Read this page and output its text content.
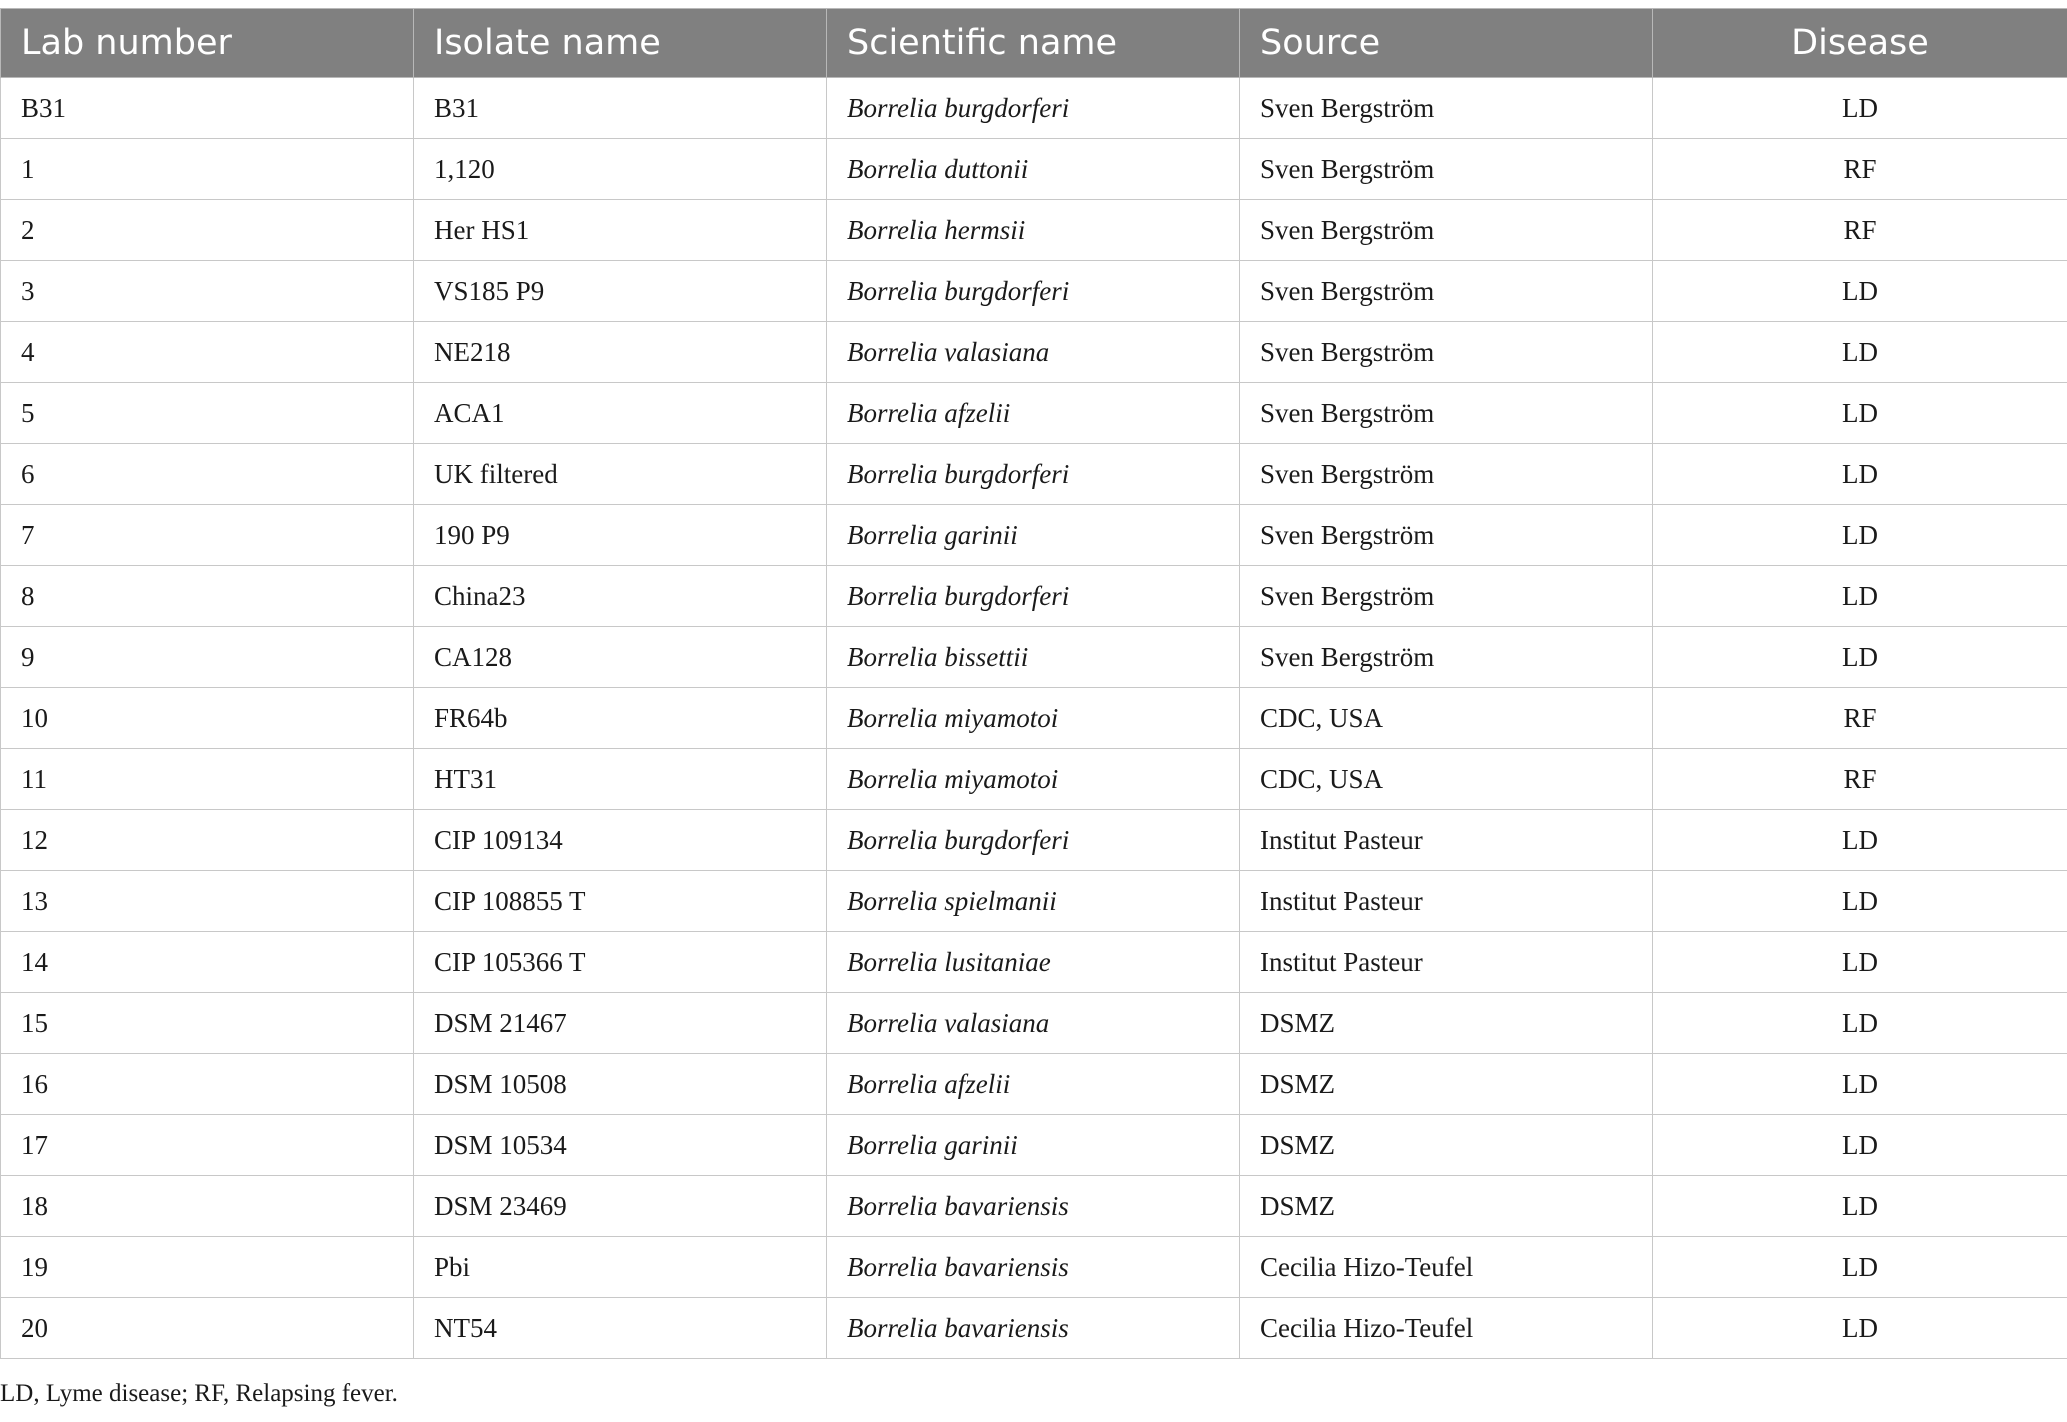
Lab number	Isolate name	Scientific name	Source	Disease
B31	B31	Borrelia burgdorferi	Sven Bergström	LD
1	1,120	Borrelia duttonii	Sven Bergström	RF
2	Her HS1	Borrelia hermsii	Sven Bergström	RF
3	VS185 P9	Borrelia burgdorferi	Sven Bergström	LD
4	NE218	Borrelia valasiana	Sven Bergström	LD
5	ACA1	Borrelia afzelii	Sven Bergström	LD
6	UK filtered	Borrelia burgdorferi	Sven Bergström	LD
7	190 P9	Borrelia garinii	Sven Bergström	LD
8	China23	Borrelia burgdorferi	Sven Bergström	LD
9	CA128	Borrelia bissettii	Sven Bergström	LD
10	FR64b	Borrelia miyamotoi	CDC, USA	RF
11	HT31	Borrelia miyamotoi	CDC, USA	RF
12	CIP 109134	Borrelia burgdorferi	Institut Pasteur	LD
13	CIP 108855 T	Borrelia spielmanii	Institut Pasteur	LD
14	CIP 105366 T	Borrelia lusitaniae	Institut Pasteur	LD
15	DSM 21467	Borrelia valasiana	DSMZ	LD
16	DSM 10508	Borrelia afzelii	DSMZ	LD
17	DSM 10534	Borrelia garinii	DSMZ	LD
18	DSM 23469	Borrelia bavariensis	DSMZ	LD
19	Pbi	Borrelia bavariensis	Cecilia Hizo-Teufel	LD
20	NT54	Borrelia bavariensis	Cecilia Hizo-Teufel	LD
LD, Lyme disease; RF, Relapsing fever.
